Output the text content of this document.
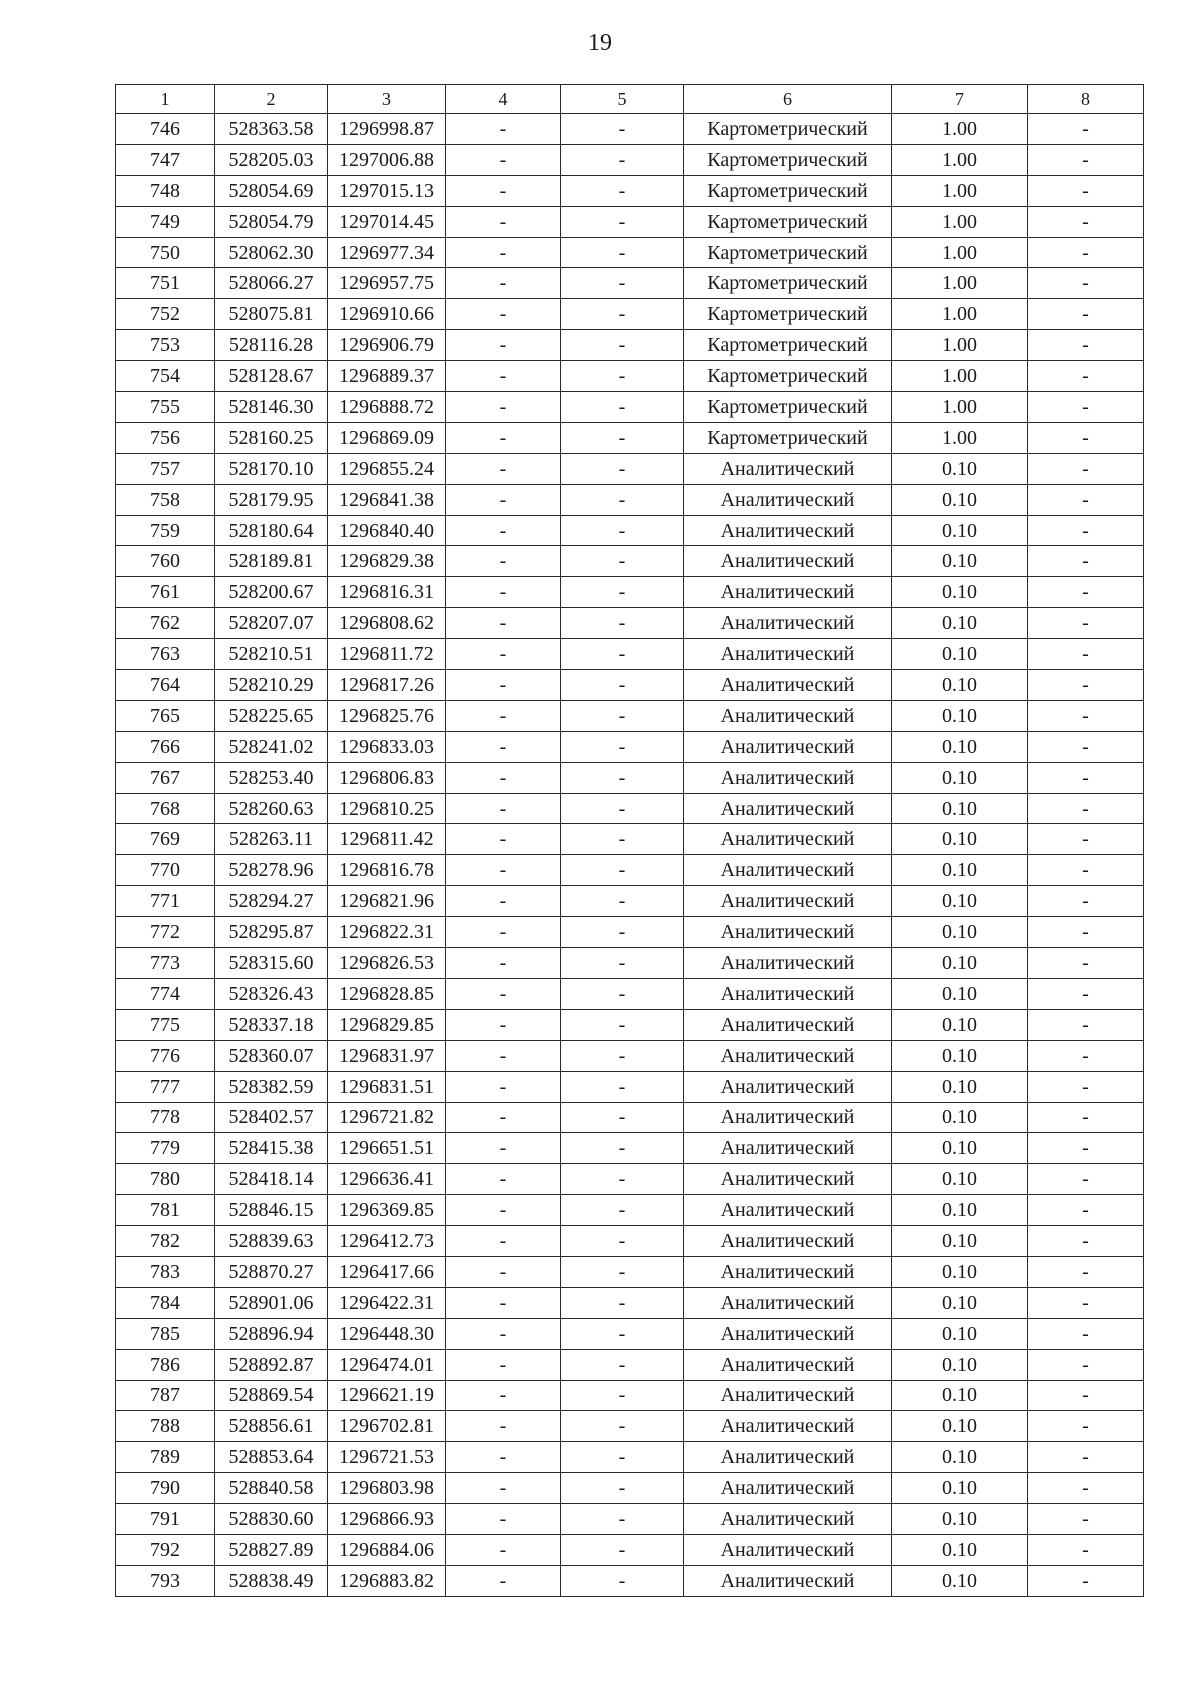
19
1	2	3	4	5	6	7	8
746	528363.58	1296998.87	-	-	Картометрический	1.00	-
747	528205.03	1297006.88	-	-	Картометрический	1.00	-
748	528054.69	1297015.13	-	-	Картометрический	1.00	-
749	528054.79	1297014.45	-	-	Картометрический	1.00	-
750	528062.30	1296977.34	-	-	Картометрический	1.00	-
751	528066.27	1296957.75	-	-	Картометрический	1.00	-
752	528075.81	1296910.66	-	-	Картометрический	1.00	-
753	528116.28	1296906.79	-	-	Картометрический	1.00	-
754	528128.67	1296889.37	-	-	Картометрический	1.00	-
755	528146.30	1296888.72	-	-	Картометрический	1.00	-
756	528160.25	1296869.09	-	-	Картометрический	1.00	-
757	528170.10	1296855.24	-	-	Аналитический	0.10	-
758	528179.95	1296841.38	-	-	Аналитический	0.10	-
759	528180.64	1296840.40	-	-	Аналитический	0.10	-
760	528189.81	1296829.38	-	-	Аналитический	0.10	-
761	528200.67	1296816.31	-	-	Аналитический	0.10	-
762	528207.07	1296808.62	-	-	Аналитический	0.10	-
763	528210.51	1296811.72	-	-	Аналитический	0.10	-
764	528210.29	1296817.26	-	-	Аналитический	0.10	-
765	528225.65	1296825.76	-	-	Аналитический	0.10	-
766	528241.02	1296833.03	-	-	Аналитический	0.10	-
767	528253.40	1296806.83	-	-	Аналитический	0.10	-
768	528260.63	1296810.25	-	-	Аналитический	0.10	-
769	528263.11	1296811.42	-	-	Аналитический	0.10	-
770	528278.96	1296816.78	-	-	Аналитический	0.10	-
771	528294.27	1296821.96	-	-	Аналитический	0.10	-
772	528295.87	1296822.31	-	-	Аналитический	0.10	-
773	528315.60	1296826.53	-	-	Аналитический	0.10	-
774	528326.43	1296828.85	-	-	Аналитический	0.10	-
775	528337.18	1296829.85	-	-	Аналитический	0.10	-
776	528360.07	1296831.97	-	-	Аналитический	0.10	-
777	528382.59	1296831.51	-	-	Аналитический	0.10	-
778	528402.57	1296721.82	-	-	Аналитический	0.10	-
779	528415.38	1296651.51	-	-	Аналитический	0.10	-
780	528418.14	1296636.41	-	-	Аналитический	0.10	-
781	528846.15	1296369.85	-	-	Аналитический	0.10	-
782	528839.63	1296412.73	-	-	Аналитический	0.10	-
783	528870.27	1296417.66	-	-	Аналитический	0.10	-
784	528901.06	1296422.31	-	-	Аналитический	0.10	-
785	528896.94	1296448.30	-	-	Аналитический	0.10	-
786	528892.87	1296474.01	-	-	Аналитический	0.10	-
787	528869.54	1296621.19	-	-	Аналитический	0.10	-
788	528856.61	1296702.81	-	-	Аналитический	0.10	-
789	528853.64	1296721.53	-	-	Аналитический	0.10	-
790	528840.58	1296803.98	-	-	Аналитический	0.10	-
791	528830.60	1296866.93	-	-	Аналитический	0.10	-
792	528827.89	1296884.06	-	-	Аналитический	0.10	-
793	528838.49	1296883.82	-	-	Аналитический	0.10	-
